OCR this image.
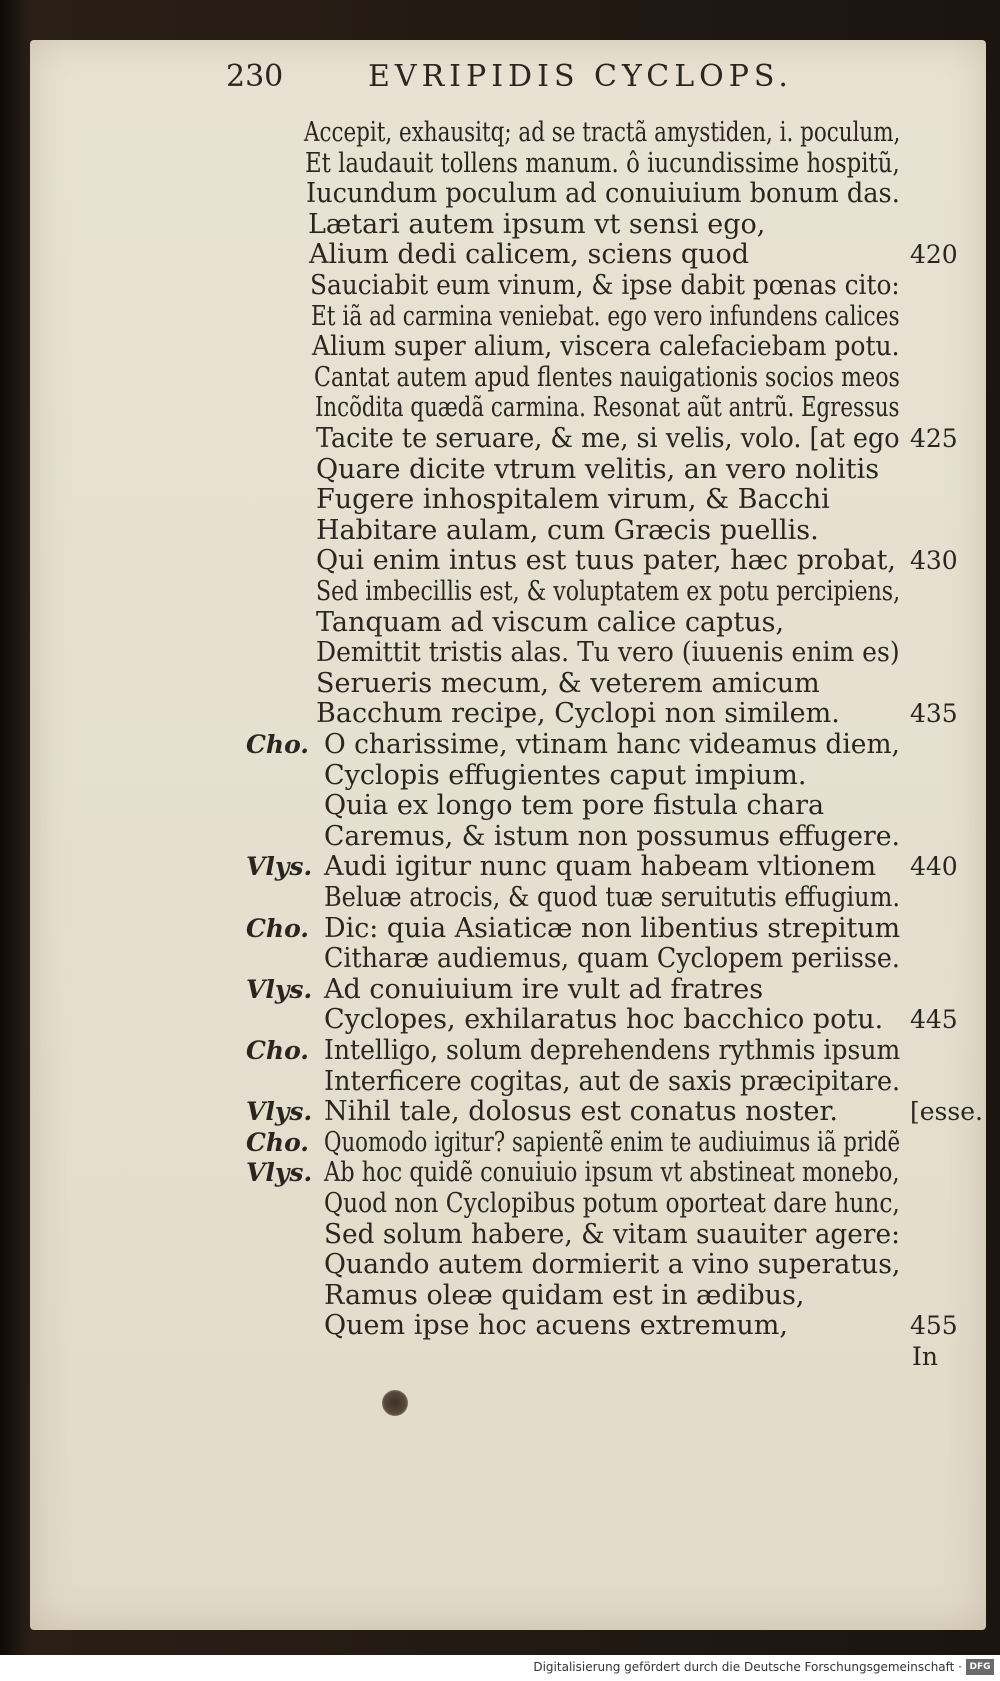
230	EVRIPIDIS CYCLOPS.
Accepit, exhausitq; ad se tractã amystiden, i. poculum,
Et laudauit tollens manum. ô iucundissime hospitũ,
Iucundum poculum ad conuiuium bonum das.
Lætari autem ipsum vt sensi ego,
Alium dedi calicem, sciens quod	420
Sauciabit eum vinum, & ipse dabit pœnas cito:
Et iã ad carmina veniebat. ego vero infundens calices
Alium super alium, viscera calefaciebam potu.
Cantat autem apud flentes nauigationis socios meos
Incõdita quædã carmina. Resonat aũt antrũ. Egressus
Tacite te seruare, & me, si velis, volo. [at ego 425
Quare dicite vtrum velitis, an vero nolitis
Fugere inhospitalem virum, & Bacchi
Habitare aulam, cum Græcis puellis.
Qui enim intus est tuus pater, hæc probat, 430
Sed imbecillis est, & voluptatem ex potu percipiens,
Tanquam ad viscum calice captus,
Demittit tristis alas. Tu vero (iuuenis enim es)
Serueris mecum, & veterem amicum
Bacchum recipe, Cyclopi non similem.	435
Cho. O charissime, vtinam hanc videamus diem,
Cyclopis effugientes caput impium.
Quia ex longo tem pore fistula chara
Caremus, & istum non possumus effugere.
Vlys. Audi igitur nunc quam habeam vltionem 440
Beluæ atrocis, & quod tuæ seruitutis effugium.
Cho. Dic: quia Asiaticæ non libentius strepitum
Citharæ audiemus, quam Cyclopem periisse.
Vlys. Ad conuiuium ire vult ad fratres
Cyclopes, exhilaratus hoc bacchico potu. 445
Cho. Intelligo, solum deprehendens rythmis ipsum
Interficere cogitas, aut de saxis præcipitare.
Vlys. Nihil tale, dolosus est conatus noster.	[esse.
Cho. Quomodo igitur? sapientẽ enim te audiuimus iã pridẽ
Vlys. Ab hoc quidẽ conuiuio ipsum vt abstineat monebo,
Quod non Cyclopibus potum oporteat dare hunc,
Sed solum habere, & vitam suauiter agere:
Quando autem dormierit a vino superatus,
Ramus oleæ quidam est in ædibus,
Quem ipse hoc acuens extremum,	455
In
Digitalisierung gefördert durch die Deutsche Forschungsgemeinschaft · DFG
